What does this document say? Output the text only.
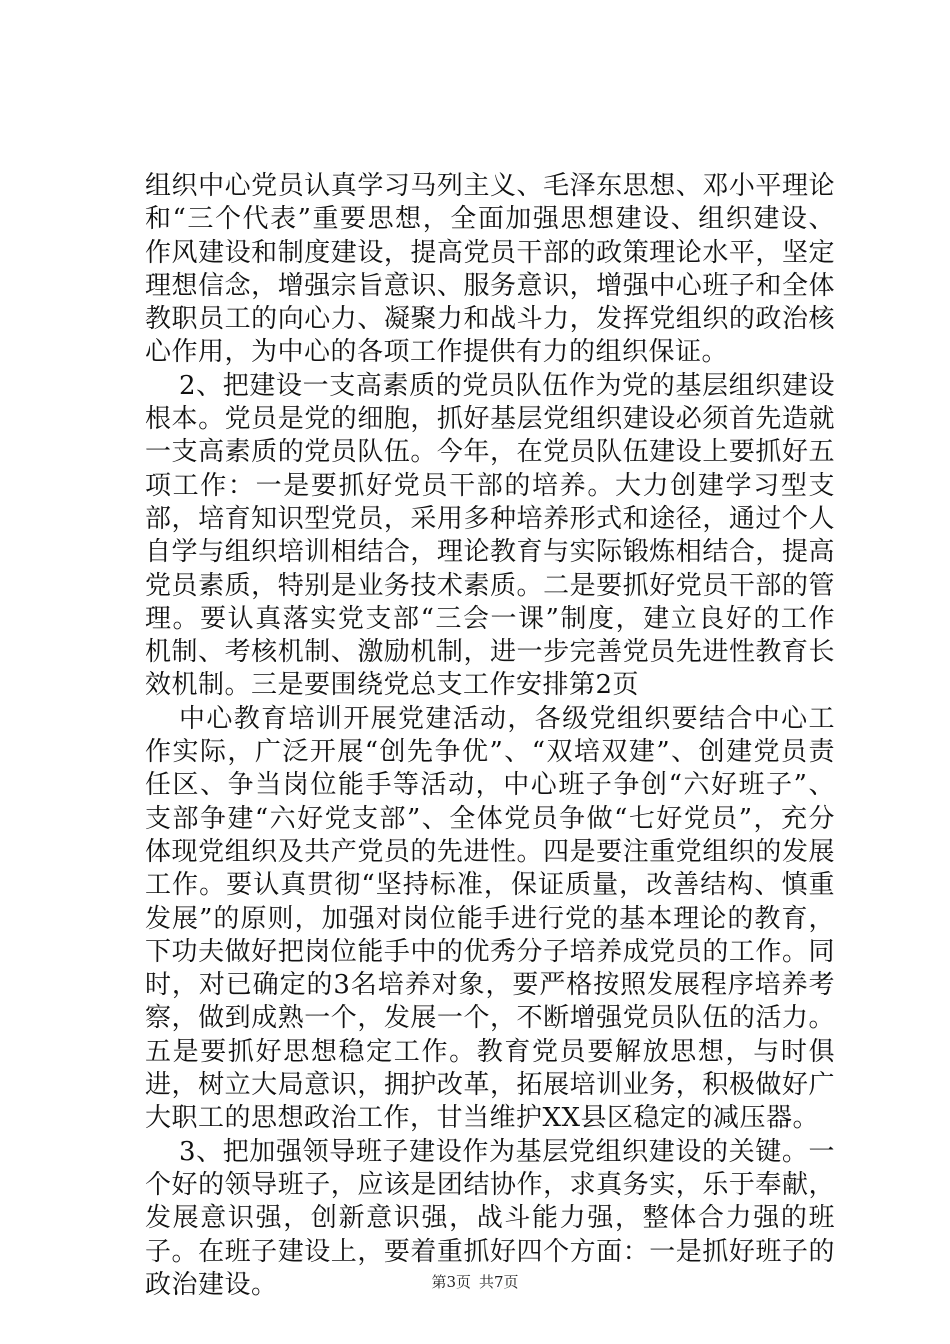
组织中心党员认真学习马列主义、毛泽东思想、邓小平理论和“三个代表”重要思想，全面加强思想建设、组织建设、作风建设和制度建设，提高党员干部的政策理论水平，坚定理想信念，增强宗旨意识、服务意识，增强中心班子和全体教职员工的向心力、凝聚力和战斗力，发挥党组织的政治核心作用，为中心的各项工作提供有力的组织保证。

2、把建设一支高素质的党员队伍作为党的基层组织建设根本。党员是党的细胞，抓好基层党组织建设必须首先造就一支高素质的党员队伍。今年，在党员队伍建设上要抓好五项工作：一是要抓好党员干部的培养。大力创建学习型支部，培育知识型党员，采用多种培养形式和途径，通过个人自学与组织培训相结合，理论教育与实际锻炼相结合，提高党员素质，特别是业务技术素质。二是要抓好党员干部的管理。要认真落实党支部“三会一课”制度，建立良好的工作机制、考核机制、激励机制，进一步完善党员先进性教育长效机制。三是要围绕党总支工作安排第2页

中心教育培训开展党建活动，各级党组织要结合中心工作实际，广泛开展“创先争优”、“双培双建”、创建党员责任区、争当岗位能手等活动，中心班子争创“六好班子”、支部争建“六好党支部”、全体党员争做“七好党员”，充分体现党组织及共产党员的先进性。四是要注重党组织的发展工作。要认真贯彻“坚持标准，保证质量，改善结构、慎重发展”的原则，加强对岗位能手进行党的基本理论的教育，下功夫做好把岗位能手中的优秀分子培养成党员的工作。同时，对已确定的3名培养对象，要严格按照发展程序培养考察，做到成熟一个，发展一个，不断增强党员队伍的活力。五是要抓好思想稳定工作。教育党员要解放思想，与时俱进，树立大局意识，拥护改革，拓展培训业务，积极做好广大职工的思想政治工作，甘当维护XX县区稳定的减压器。

3、把加强领导班子建设作为基层党组织建设的关键。一个好的领导班子，应该是团结协作，求真务实，乐于奉献，发展意识强，创新意识强，战斗能力强，整体合力强的班子。在班子建设上，要着重抓好四个方面：一是抓好班子的政治建设。	第3页 共7页
